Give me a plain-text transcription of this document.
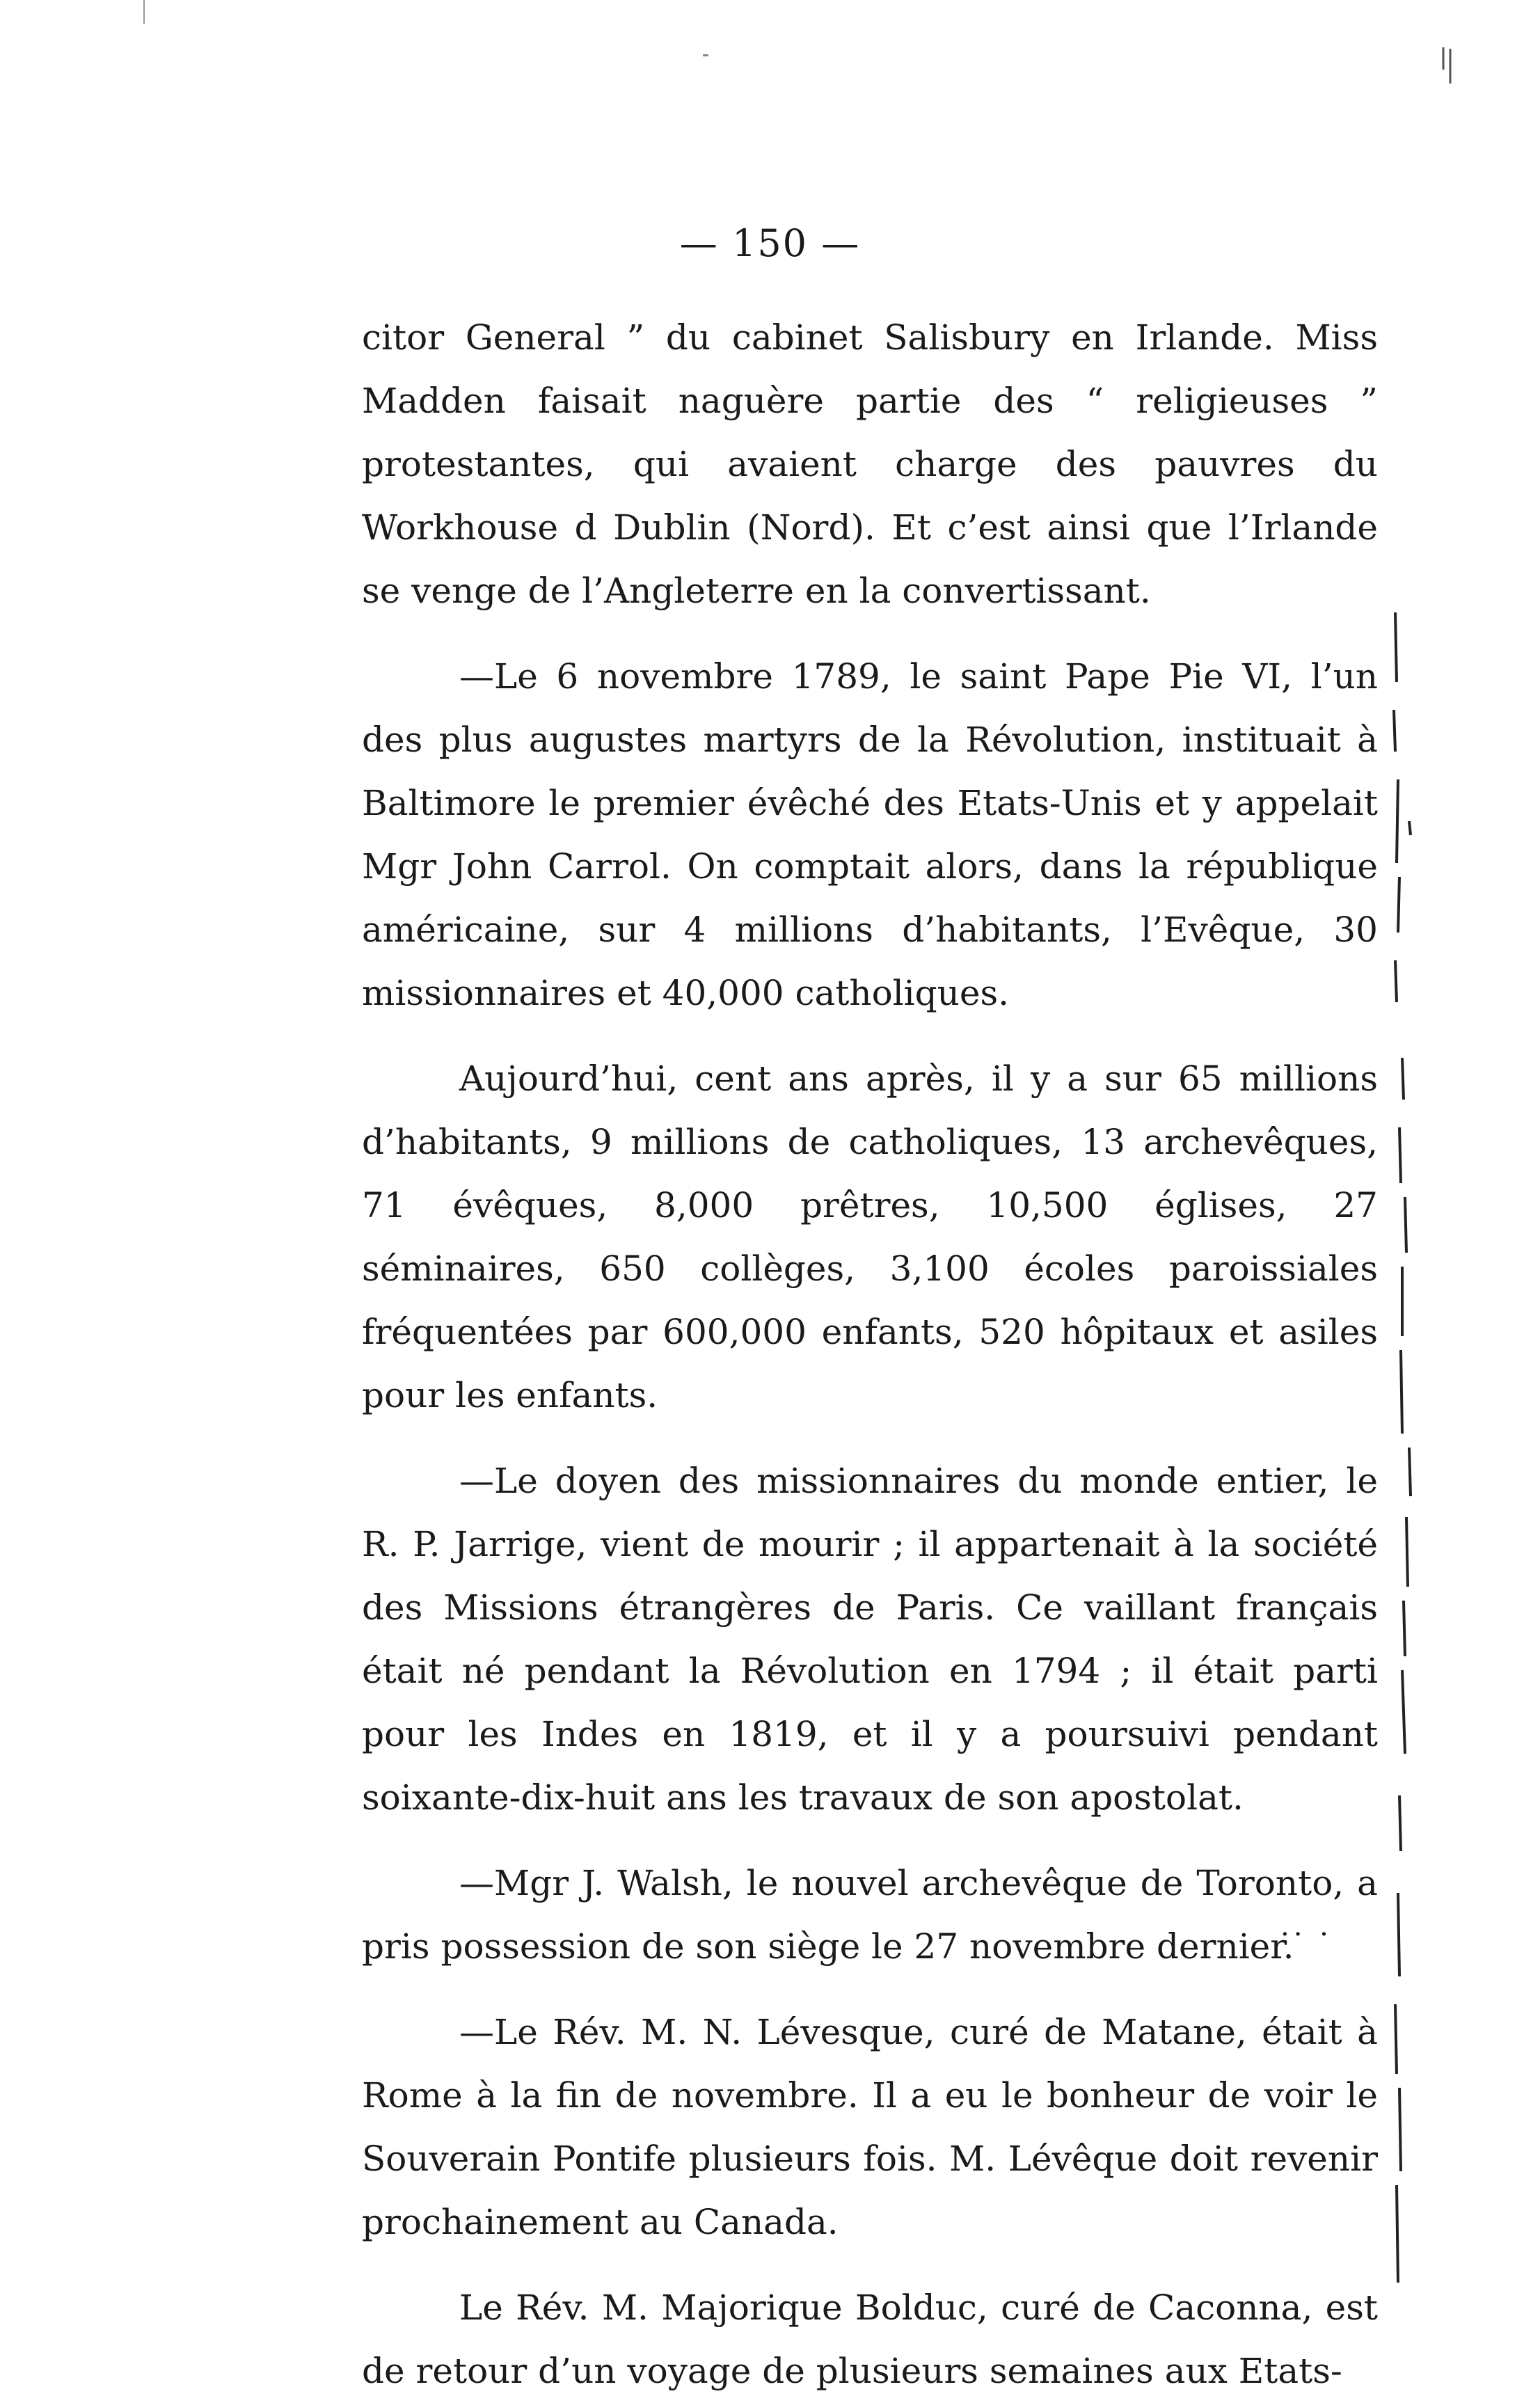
— 150 —

citor General ” du cabinet Salisbury en Irlande. Miss Madden faisait naguère partie des “ religieuses ” protestantes, qui avaient charge des pauvres du Workhouse d Dublin (Nord). Et c’est ainsi que l’Irlande se venge de l’Angleterre en la convertissant.

—Le 6 novembre 1789, le saint Pape Pie VI, l’un des plus augustes martyrs de la Révolution, instituait à Baltimore le premier évêché des Etats-Unis et y appelait Mgr John Carrol. On comptait alors, dans la république américaine, sur 4 millions d’habitants, l’Evêque, 30 missionnaires et 40,000 catholiques.

Aujourd’hui, cent ans après, il y a sur 65 millions d’habitants, 9 millions de catholiques, 13 archevêques, 71 évêques, 8,000 prêtres, 10,500 églises, 27 séminaires, 650 collèges, 3,100 écoles paroissiales fréquentées par 600,000 enfants, 520 hôpitaux et asiles pour les enfants.

—Le doyen des missionnaires du monde entier, le R. P. Jarrige, vient de mourir ; il appartenait à la société des Missions étrangères de Paris. Ce vaillant français était né pendant la Révolution en 1794 ; il était parti pour les Indes en 1819, et il y a poursuivi pendant soixante-dix-huit ans les travaux de son apostolat.

—Mgr J. Walsh, le nouvel archevêque de Toronto, a pris possession de son siège le 27 novembre dernier.

—Le Rév. M. N. Lévesque, curé de Matane, était à Rome à la fin de novembre. Il a eu le bonheur de voir le Souverain Pontife plusieurs fois. M. Lévêque doit revenir prochainement au Canada.

Le Rév. M. Majorique Bolduc, curé de Caconna, est de retour d’un voyage de plusieurs semaines aux Etats-

.. .
